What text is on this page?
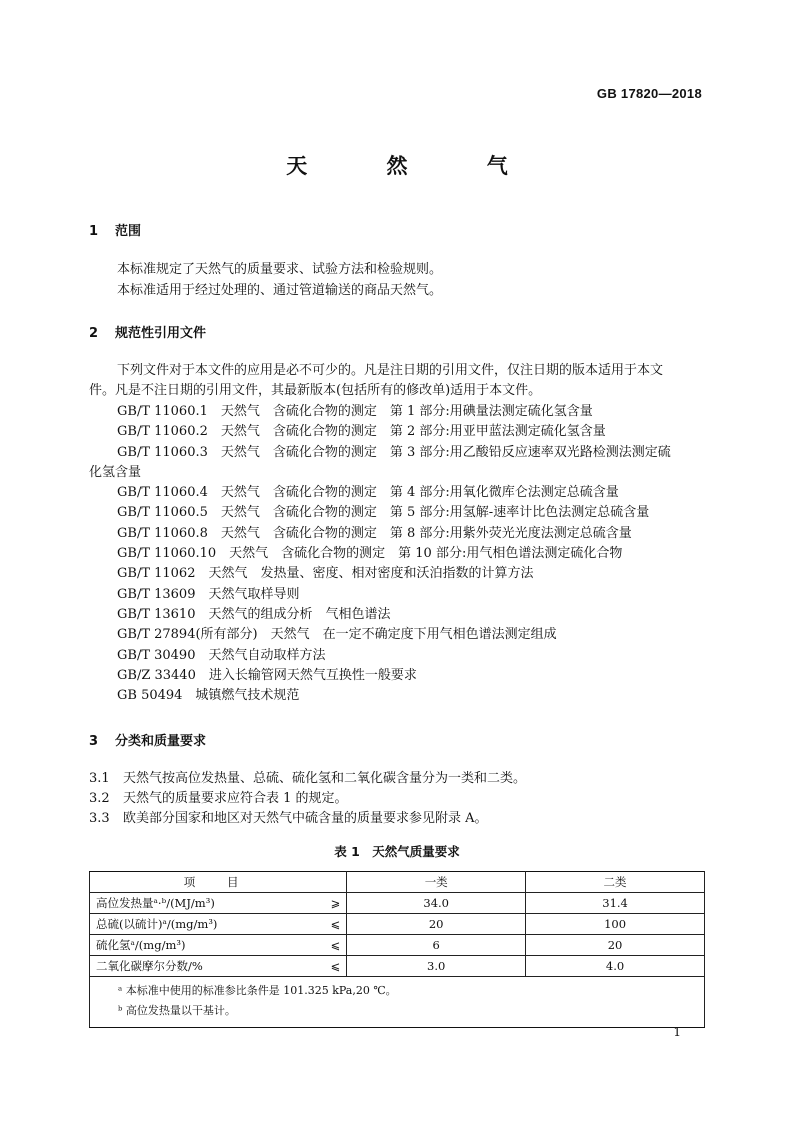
GB 17820—2018
天 然 气
1 范围
本标准规定了天然气的质量要求、试验方法和检验规则。
本标准适用于经过处理的、通过管道输送的商品天然气。
2 规范性引用文件
下列文件对于本文件的应用是必不可少的。凡是注日期的引用文件，仅注日期的版本适用于本文
件。凡是不注日期的引用文件，其最新版本(包括所有的修改单)适用于本文件。
GB/T 11060.1　天然气　含硫化合物的测定　第 1 部分:用碘量法测定硫化氢含量
GB/T 11060.2　天然气　含硫化合物的测定　第 2 部分:用亚甲蓝法测定硫化氢含量
GB/T 11060.3　天然气　含硫化合物的测定　第 3 部分:用乙酸铅反应速率双光路检测法测定硫
化氢含量
GB/T 11060.4　天然气　含硫化合物的测定　第 4 部分:用氧化微库仑法测定总硫含量
GB/T 11060.5　天然气　含硫化合物的测定　第 5 部分:用氢解-速率计比色法测定总硫含量
GB/T 11060.8　天然气　含硫化合物的测定　第 8 部分:用紫外荧光光度法测定总硫含量
GB/T 11060.10　天然气　含硫化合物的测定　第 10 部分:用气相色谱法测定硫化合物
GB/T 11062　天然气　发热量、密度、相对密度和沃泊指数的计算方法
GB/T 13609　天然气取样导则
GB/T 13610　天然气的组成分析　气相色谱法
GB/T 27894(所有部分)　天然气　在一定不确定度下用气相色谱法测定组成
GB/T 30490　天然气自动取样方法
GB/Z 33440　进入长输管网天然气互换性一般要求
GB 50494　城镇燃气技术规范
3 分类和质量要求
3.1 天然气按高位发热量、总硫、硫化氢和二氧化碳含量分为一类和二类。
3.2 天然气的质量要求应符合表 1 的规定。
3.3 欧美部分国家和地区对天然气中硫含量的质量要求参见附录 A。
表 1　天然气质量要求
项 目		一类	二类
高位发热量ᵃ·ᵇ/(MJ/m³)	⩾	34.0	31.4
总硫(以硫计)ᵃ/(mg/m³)	⩽	20	100
硫化氢ᵃ/(mg/m³)	⩽	6	20
二氧化碳摩尔分数/%	⩽	3.0	4.0

ᵃ 本标准中使用的标准参比条件是 101.325 kPa,20 ℃。
ᵇ 高位发热量以干基计。			
1
